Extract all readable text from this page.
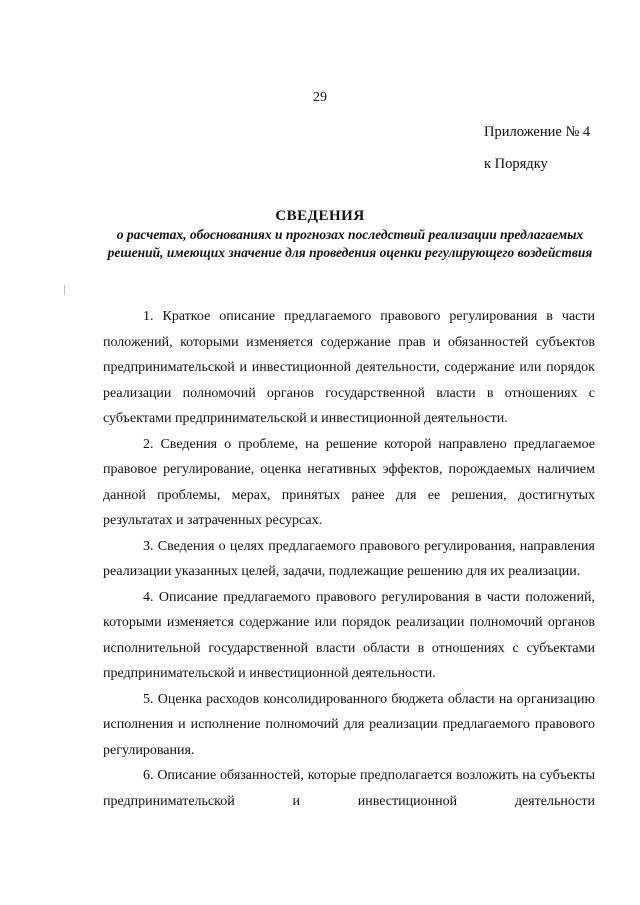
29
Приложение № 4
к Порядку
СВЕДЕНИЯ
о расчетах, обоснованиях и прогнозах последствий реализации предлагаемых решений, имеющих значение для проведения оценки регулирующего воздействия

1. Краткое описание предлагаемого правового регулирования в части положений, которыми изменяется содержание прав и обязанностей субъектов предпринимательской и инвестиционной деятельности, содержание или порядок реализации полномочий органов государственной власти в отношениях с субъектами предпринимательской и инвестиционной деятельности.

2. Сведения о проблеме, на решение которой направлено предлагаемое правовое регулирование, оценка негативных эффектов, порождаемых наличием данной проблемы, мерах, принятых ранее для ее решения, достигнутых результатах и затраченных ресурсах.

3. Сведения о целях предлагаемого правового регулирования, направления реализации указанных целей, задачи, подлежащие решению для их реализации.

4. Описание предлагаемого правового регулирования в части положений, которыми изменяется содержание или порядок реализации полномочий органов исполнительной государственной власти области в отношениях с субъектами предпринимательской и инвестиционной деятельности.

5. Оценка расходов консолидированного бюджета области на организацию исполнения и исполнение полномочий для реализации предлагаемого правового регулирования.

6. Описание обязанностей, которые предполагается возложить на субъекты предпринимательской и инвестиционной деятельности
